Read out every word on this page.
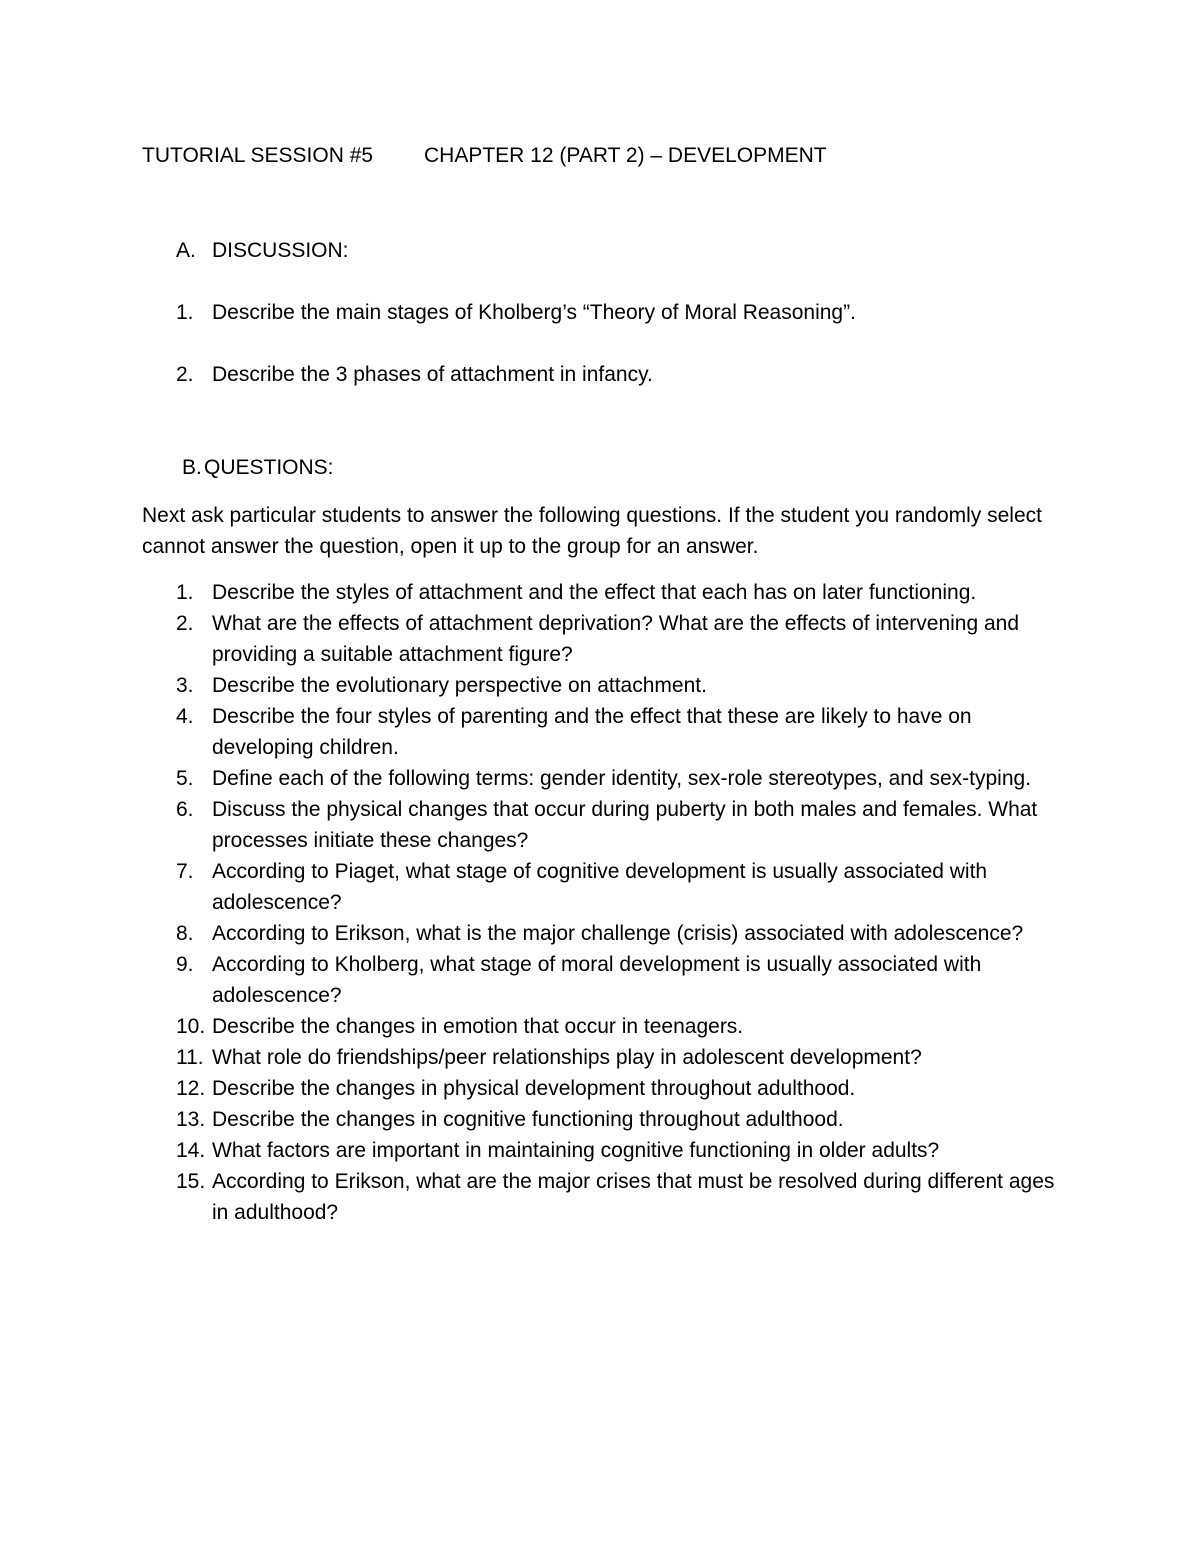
TUTORIAL SESSION #5 CHAPTER 12 (PART 2) – DEVELOPMENT
A. DISCUSSION:
1. Describe the main stages of Kholberg’s “Theory of Moral Reasoning”.
2. Describe the 3 phases of attachment in infancy.
B. QUESTIONS:

Next ask particular students to answer the following questions. If the student you randomly select cannot answer the question, open it up to the group for an answer.

1. Describe the styles of attachment and the effect that each has on later functioning.
2. What are the effects of attachment deprivation? What are the effects of intervening and providing a suitable attachment figure?
3. Describe the evolutionary perspective on attachment.
4. Describe the four styles of parenting and the effect that these are likely to have on developing children.
5. Define each of the following terms: gender identity, sex-role stereotypes, and sex-typing.
6. Discuss the physical changes that occur during puberty in both males and females. What processes initiate these changes?
7. According to Piaget, what stage of cognitive development is usually associated with adolescence?
8. According to Erikson, what is the major challenge (crisis) associated with adolescence?
9. According to Kholberg, what stage of moral development is usually associated with adolescence?
10. Describe the changes in emotion that occur in teenagers.
11. What role do friendships/peer relationships play in adolescent development?
12. Describe the changes in physical development throughout adulthood.
13. Describe the changes in cognitive functioning throughout adulthood.
14. What factors are important in maintaining cognitive functioning in older adults?
15. According to Erikson, what are the major crises that must be resolved during different ages in adulthood?
